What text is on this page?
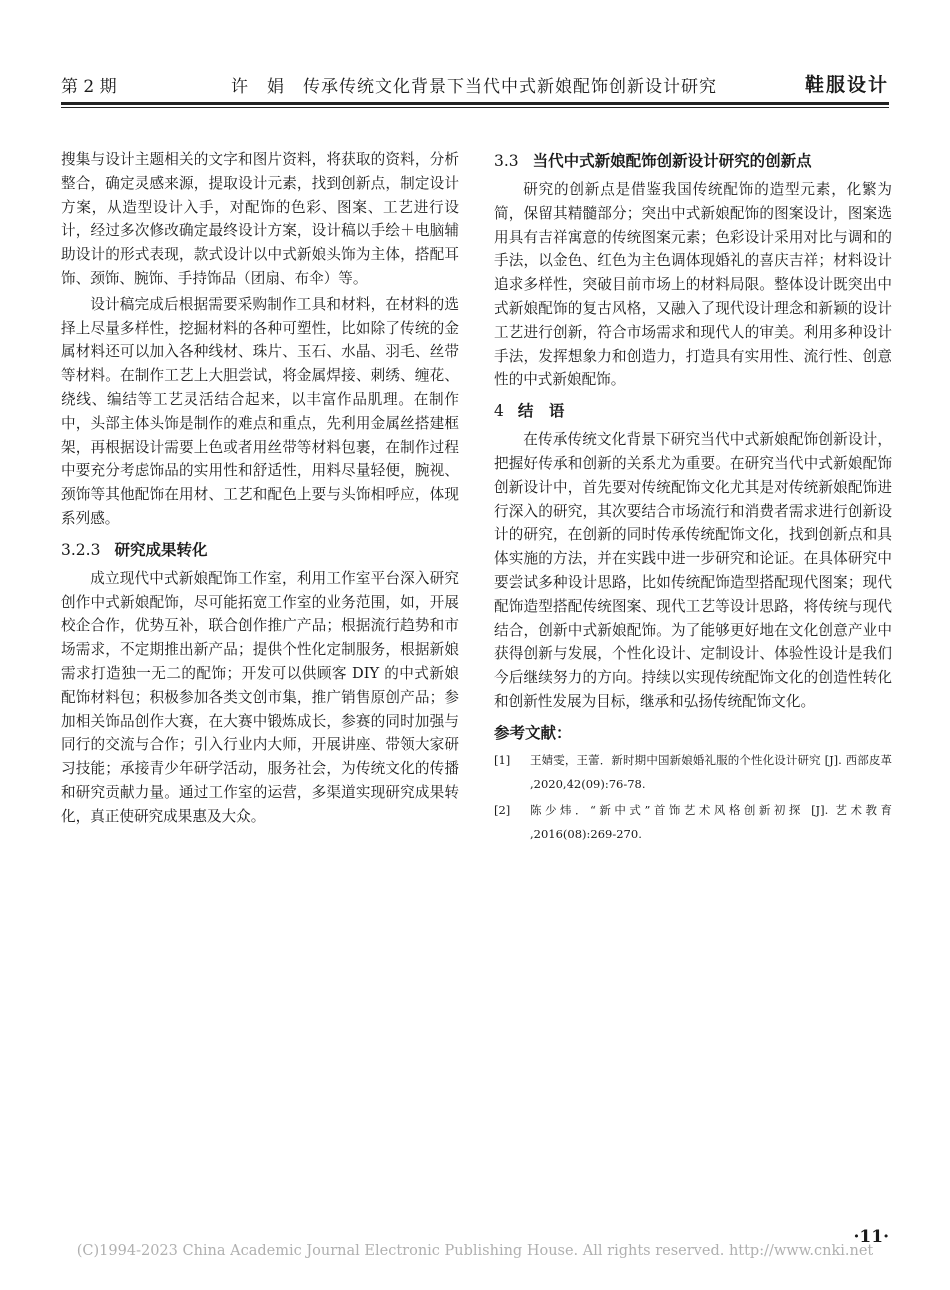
第 2 期	许　娟　传承传统文化背景下当代中式新娘配饰创新设计研究	鞋服设计

搜集与设计主题相关的文字和图片资料，将获取的资料，分析整合，确定灵感来源，提取设计元素，找到创新点，制定设计方案，从造型设计入手，对配饰的色彩、图案、工艺进行设计，经过多次修改确定最终设计方案，设计稿以手绘＋电脑辅助设计的形式表现，款式设计以中式新娘头饰为主体，搭配耳饰、颈饰、腕饰、手持饰品（团扇、布伞）等。

设计稿完成后根据需要采购制作工具和材料，在材料的选择上尽量多样性，挖掘材料的各种可塑性，比如除了传统的金属材料还可以加入各种线材、珠片、玉石、水晶、羽毛、丝带等材料。在制作工艺上大胆尝试，将金属焊接、刺绣、缠花、绕线、编结等工艺灵活结合起来，以丰富作品肌理。在制作中，头部主体头饰是制作的难点和重点，先利用金属丝搭建框架，再根据设计需要上色或者用丝带等材料包裹，在制作过程中要充分考虑饰品的实用性和舒适性，用料尽量轻便，腕视、颈饰等其他配饰在用材、工艺和配色上要与头饰相呼应，体现系列感。

3.2.3 研究成果转化

成立现代中式新娘配饰工作室，利用工作室平台深入研究创作中式新娘配饰，尽可能拓宽工作室的业务范围，如，开展校企合作，优势互补，联合创作推广产品；根据流行趋势和市场需求，不定期推出新产品；提供个性化定制服务，根据新娘需求打造独一无二的配饰；开发可以供顾客 DIY 的中式新娘配饰材料包；积极参加各类文创市集，推广销售原创产品；参加相关饰品创作大赛，在大赛中锻炼成长，参赛的同时加强与同行的交流与合作；引入行业内大师，开展讲座、带领大家研习技能；承接青少年研学活动，服务社会，为传统文化的传播和研究贡献力量。通过工作室的运营，多渠道实现研究成果转化，真正使研究成果惠及大众。

3.3 当代中式新娘配饰创新设计研究的创新点

研究的创新点是借鉴我国传统配饰的造型元素，化繁为简，保留其精髓部分；突出中式新娘配饰的图案设计，图案选用具有吉祥寓意的传统图案元素；色彩设计采用对比与调和的手法，以金色、红色为主色调体现婚礼的喜庆吉祥；材料设计追求多样性，突破目前市场上的材料局限。整体设计既突出中式新娘配饰的复古风格，又融入了现代设计理念和新颖的设计工艺进行创新，符合市场需求和现代人的审美。利用多种设计手法，发挥想象力和创造力，打造具有实用性、流行性、创意性的中式新娘配饰。

4 结　语

在传承传统文化背景下研究当代中式新娘配饰创新设计，把握好传承和创新的关系尤为重要。在研究当代中式新娘配饰创新设计中，首先要对传统配饰文化尤其是对传统新娘配饰进行深入的研究，其次要结合市场流行和消费者需求进行创新设计的研究，在创新的同时传承传统配饰文化，找到创新点和具体实施的方法，并在实践中进一步研究和论证。在具体研究中要尝试多种设计思路，比如传统配饰造型搭配现代图案；现代配饰造型搭配传统图案、现代工艺等设计思路，将传统与现代结合，创新中式新娘配饰。为了能够更好地在文化创意产业中获得创新与发展，个性化设计、定制设计、体验性设计是我们今后继续努力的方向。持续以实现传统配饰文化的创造性转化和创新性发展为目标，继承和弘扬传统配饰文化。

参考文献：
[1]	王婧雯，王蕾．新时期中国新娘婚礼服的个性化设计研究 [J]. 西部皮革 ,2020,42(09):76-78.
[2]	陈少炜．“新中式”首饰艺术风格创新初探 [J]. 艺术教育 ,2016(08):269-270.
·11·
(C)1994-2023 China Academic Journal Electronic Publishing House. All rights reserved. http://www.cnki.net
